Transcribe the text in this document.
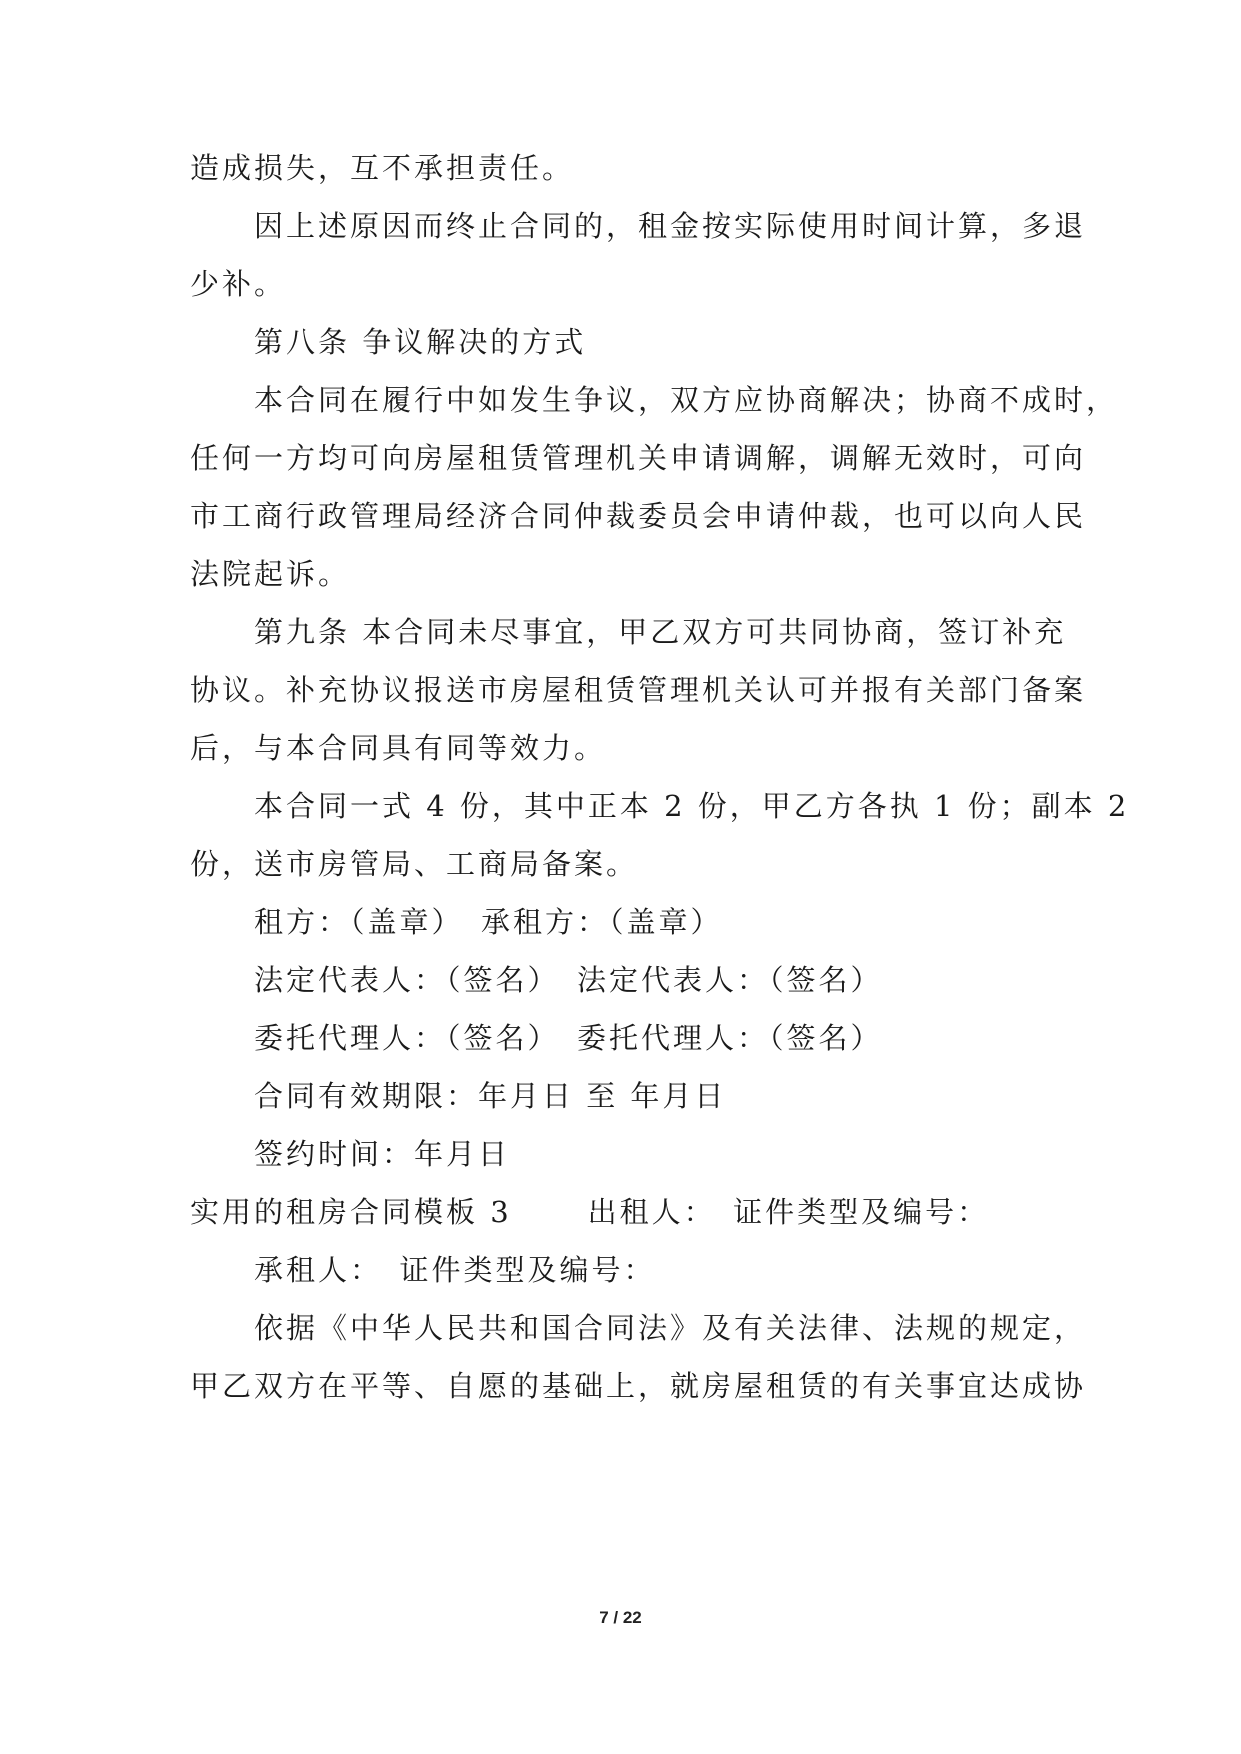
造成损失，互不承担责任。
因上述原因而终止合同的，租金按实际使用时间计算，多退
少补。
第八条 争议解决的方式
本合同在履行中如发生争议，双方应协商解决；协商不成时，
任何一方均可向房屋租赁管理机关申请调解，调解无效时，可向
市工商行政管理局经济合同仲裁委员会申请仲裁，也可以向人民
法院起诉。
第九条 本合同未尽事宜，甲乙双方可共同协商，签订补充
协议。补充协议报送市房屋租赁管理机关认可并报有关部门备案
后，与本合同具有同等效力。
本合同一式 4 份，其中正本 2 份，甲乙方各执 1 份；副本 2
份，送市房管局、工商局备案。
租方：（盖章）　承租方：（盖章）
法定代表人：（签名）　法定代表人：（签名）
委托代理人：（签名）　委托代理人：（签名）
合同有效期限：年月日 至 年月日
签约时间：年月日
实用的租房合同模板 3	出租人：　证件类型及编号：
承租人：　证件类型及编号：
依据《中华人民共和国合同法》及有关法律、法规的规定，
甲乙双方在平等、自愿的基础上，就房屋租赁的有关事宜达成协
7 / 22
